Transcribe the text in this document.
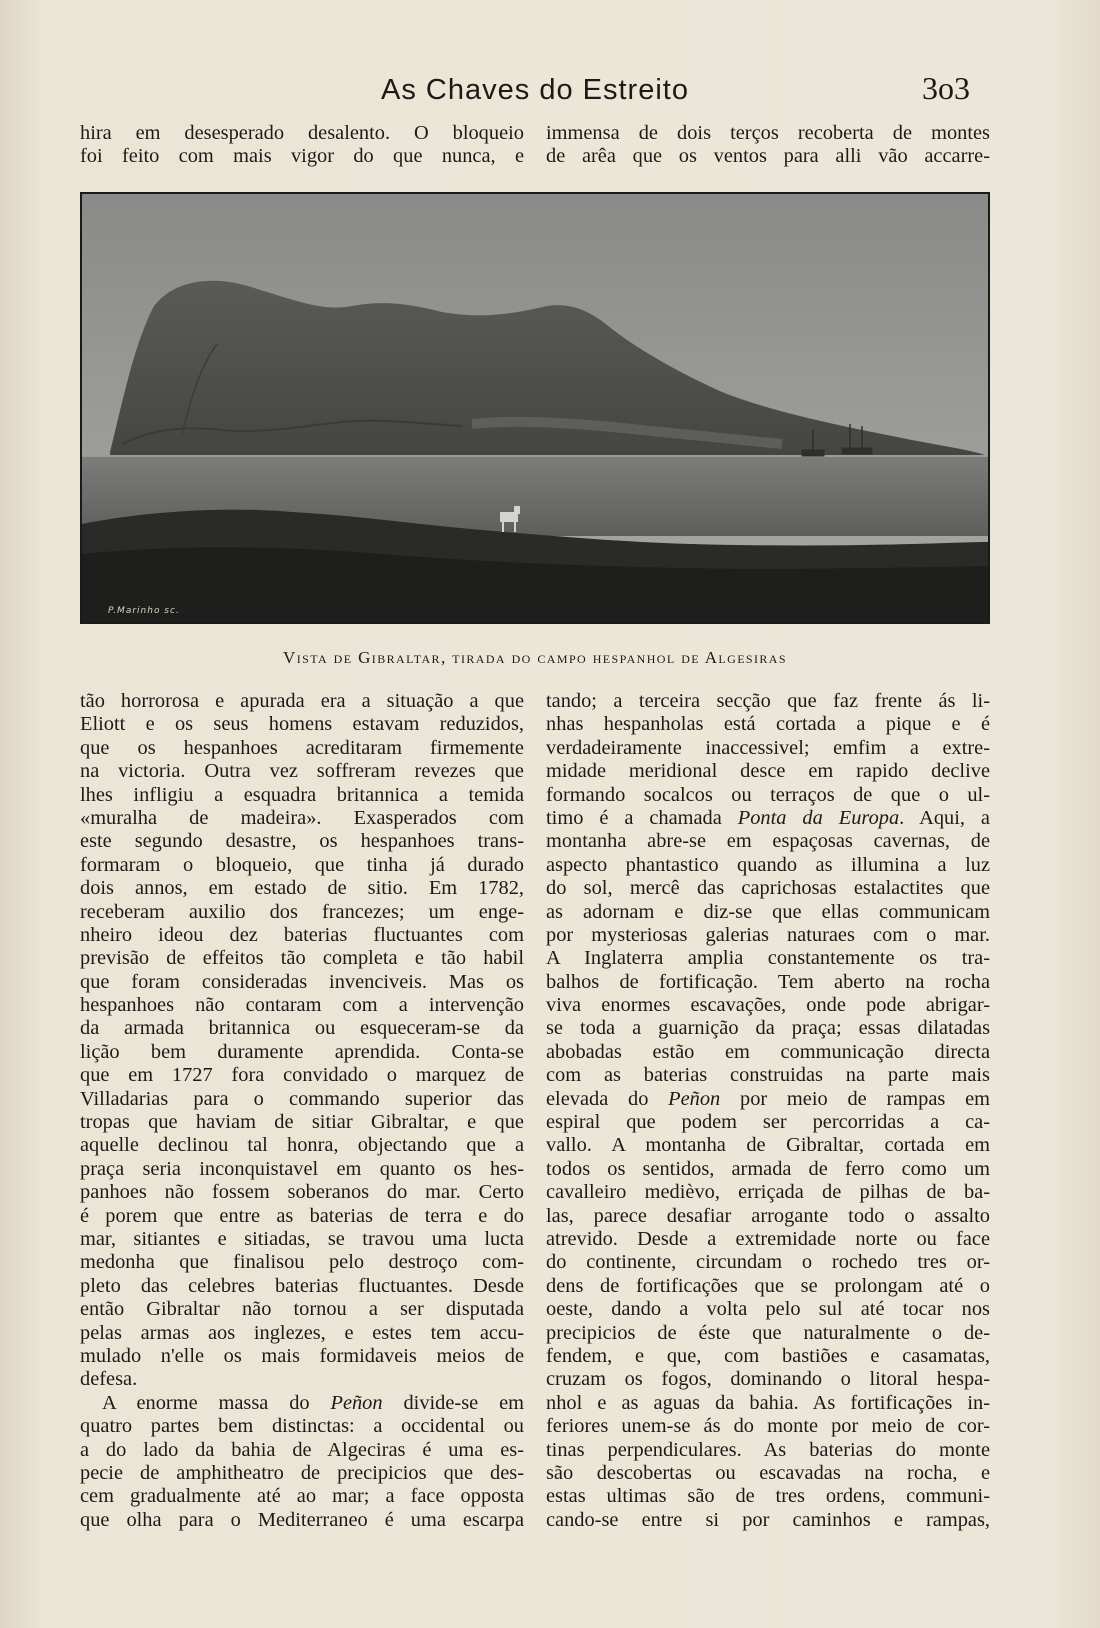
As Chaves do Estreito	3o3
hira em desesperado desalento. O bloqueio
foi feito com mais vigor do que nunca, e
immensa de dois terços recoberta de montes
de arêa que os ventos para alli vão accarre-
P.Marinho sc.
Vista de Gibraltar, tirada do campo hespanhol de Algesiras
tão horrorosa e apurada era a situação a que
Eliott e os seus homens estavam reduzidos,
que os hespanhoes acreditaram firmemente
na victoria. Outra vez soffreram revezes que
lhes infligiu a esquadra britannica a temida
«muralha de madeira». Exasperados com
este segundo desastre, os hespanhoes trans-
formaram o bloqueio, que tinha já durado
dois annos, em estado de sitio. Em 1782,
receberam auxilio dos francezes; um enge-
nheiro ideou dez baterias fluctuantes com
previsão de effeitos tão completa e tão habil
que foram consideradas invenciveis. Mas os
hespanhoes não contaram com a intervenção
da armada britannica ou esqueceram-se da
lição bem duramente aprendida. Conta-se
que em 1727 fora convidado o marquez de
Villadarias para o commando superior das
tropas que haviam de sitiar Gibraltar, e que
aquelle declinou tal honra, objectando que a
praça seria inconquistavel em quanto os hes-
panhoes não fossem soberanos do mar. Certo
é porem que entre as baterias de terra e do
mar, sitiantes e sitiadas, se travou uma lucta
medonha que finalisou pelo destroço com-
pleto das celebres baterias fluctuantes. Desde
então Gibraltar não tornou a ser disputada
pelas armas aos inglezes, e estes tem accu-
mulado n'elle os mais formidaveis meios de
defesa.
A enorme massa do Peñon divide-se em
quatro partes bem distinctas: a occidental ou
a do lado da bahia de Algeciras é uma es-
pecie de amphitheatro de precipicios que des-
cem gradualmente até ao mar; a face opposta
que olha para o Mediterraneo é uma escarpa
tando; a terceira secção que faz frente ás li-
nhas hespanholas está cortada a pique e é
verdadeiramente inaccessivel; emfim a extre-
midade meridional desce em rapido declive
formando socalcos ou terraços de que o ul-
timo é a chamada Ponta da Europa. Aqui, a
montanha abre-se em espaçosas cavernas, de
aspecto phantastico quando as illumina a luz
do sol, mercê das caprichosas estalactites que
as adornam e diz-se que ellas communicam
por mysteriosas galerias naturaes com o mar.
A Inglaterra amplia constantemente os tra-
balhos de fortificação. Tem aberto na rocha
viva enormes escavações, onde pode abrigar-
se toda a guarnição da praça; essas dilatadas
abobadas estão em communicação directa
com as baterias construidas na parte mais
elevada do Peñon por meio de rampas em
espiral que podem ser percorridas a ca-
vallo. A montanha de Gibraltar, cortada em
todos os sentidos, armada de ferro como um
cavalleiro medièvo, erriçada de pilhas de ba-
las, parece desafiar arrogante todo o assalto
atrevido. Desde a extremidade norte ou face
do continente, circundam o rochedo tres or-
dens de fortificações que se prolongam até o
oeste, dando a volta pelo sul até tocar nos
precipicios de éste que naturalmente o de-
fendem, e que, com bastiões e casamatas,
cruzam os fogos, dominando o litoral hespa-
nhol e as aguas da bahia. As fortificações in-
feriores unem-se ás do monte por meio de cor-
tinas perpendiculares. As baterias do monte
são descobertas ou escavadas na rocha, e
estas ultimas são de tres ordens, communi-
cando-se entre si por caminhos e rampas,
